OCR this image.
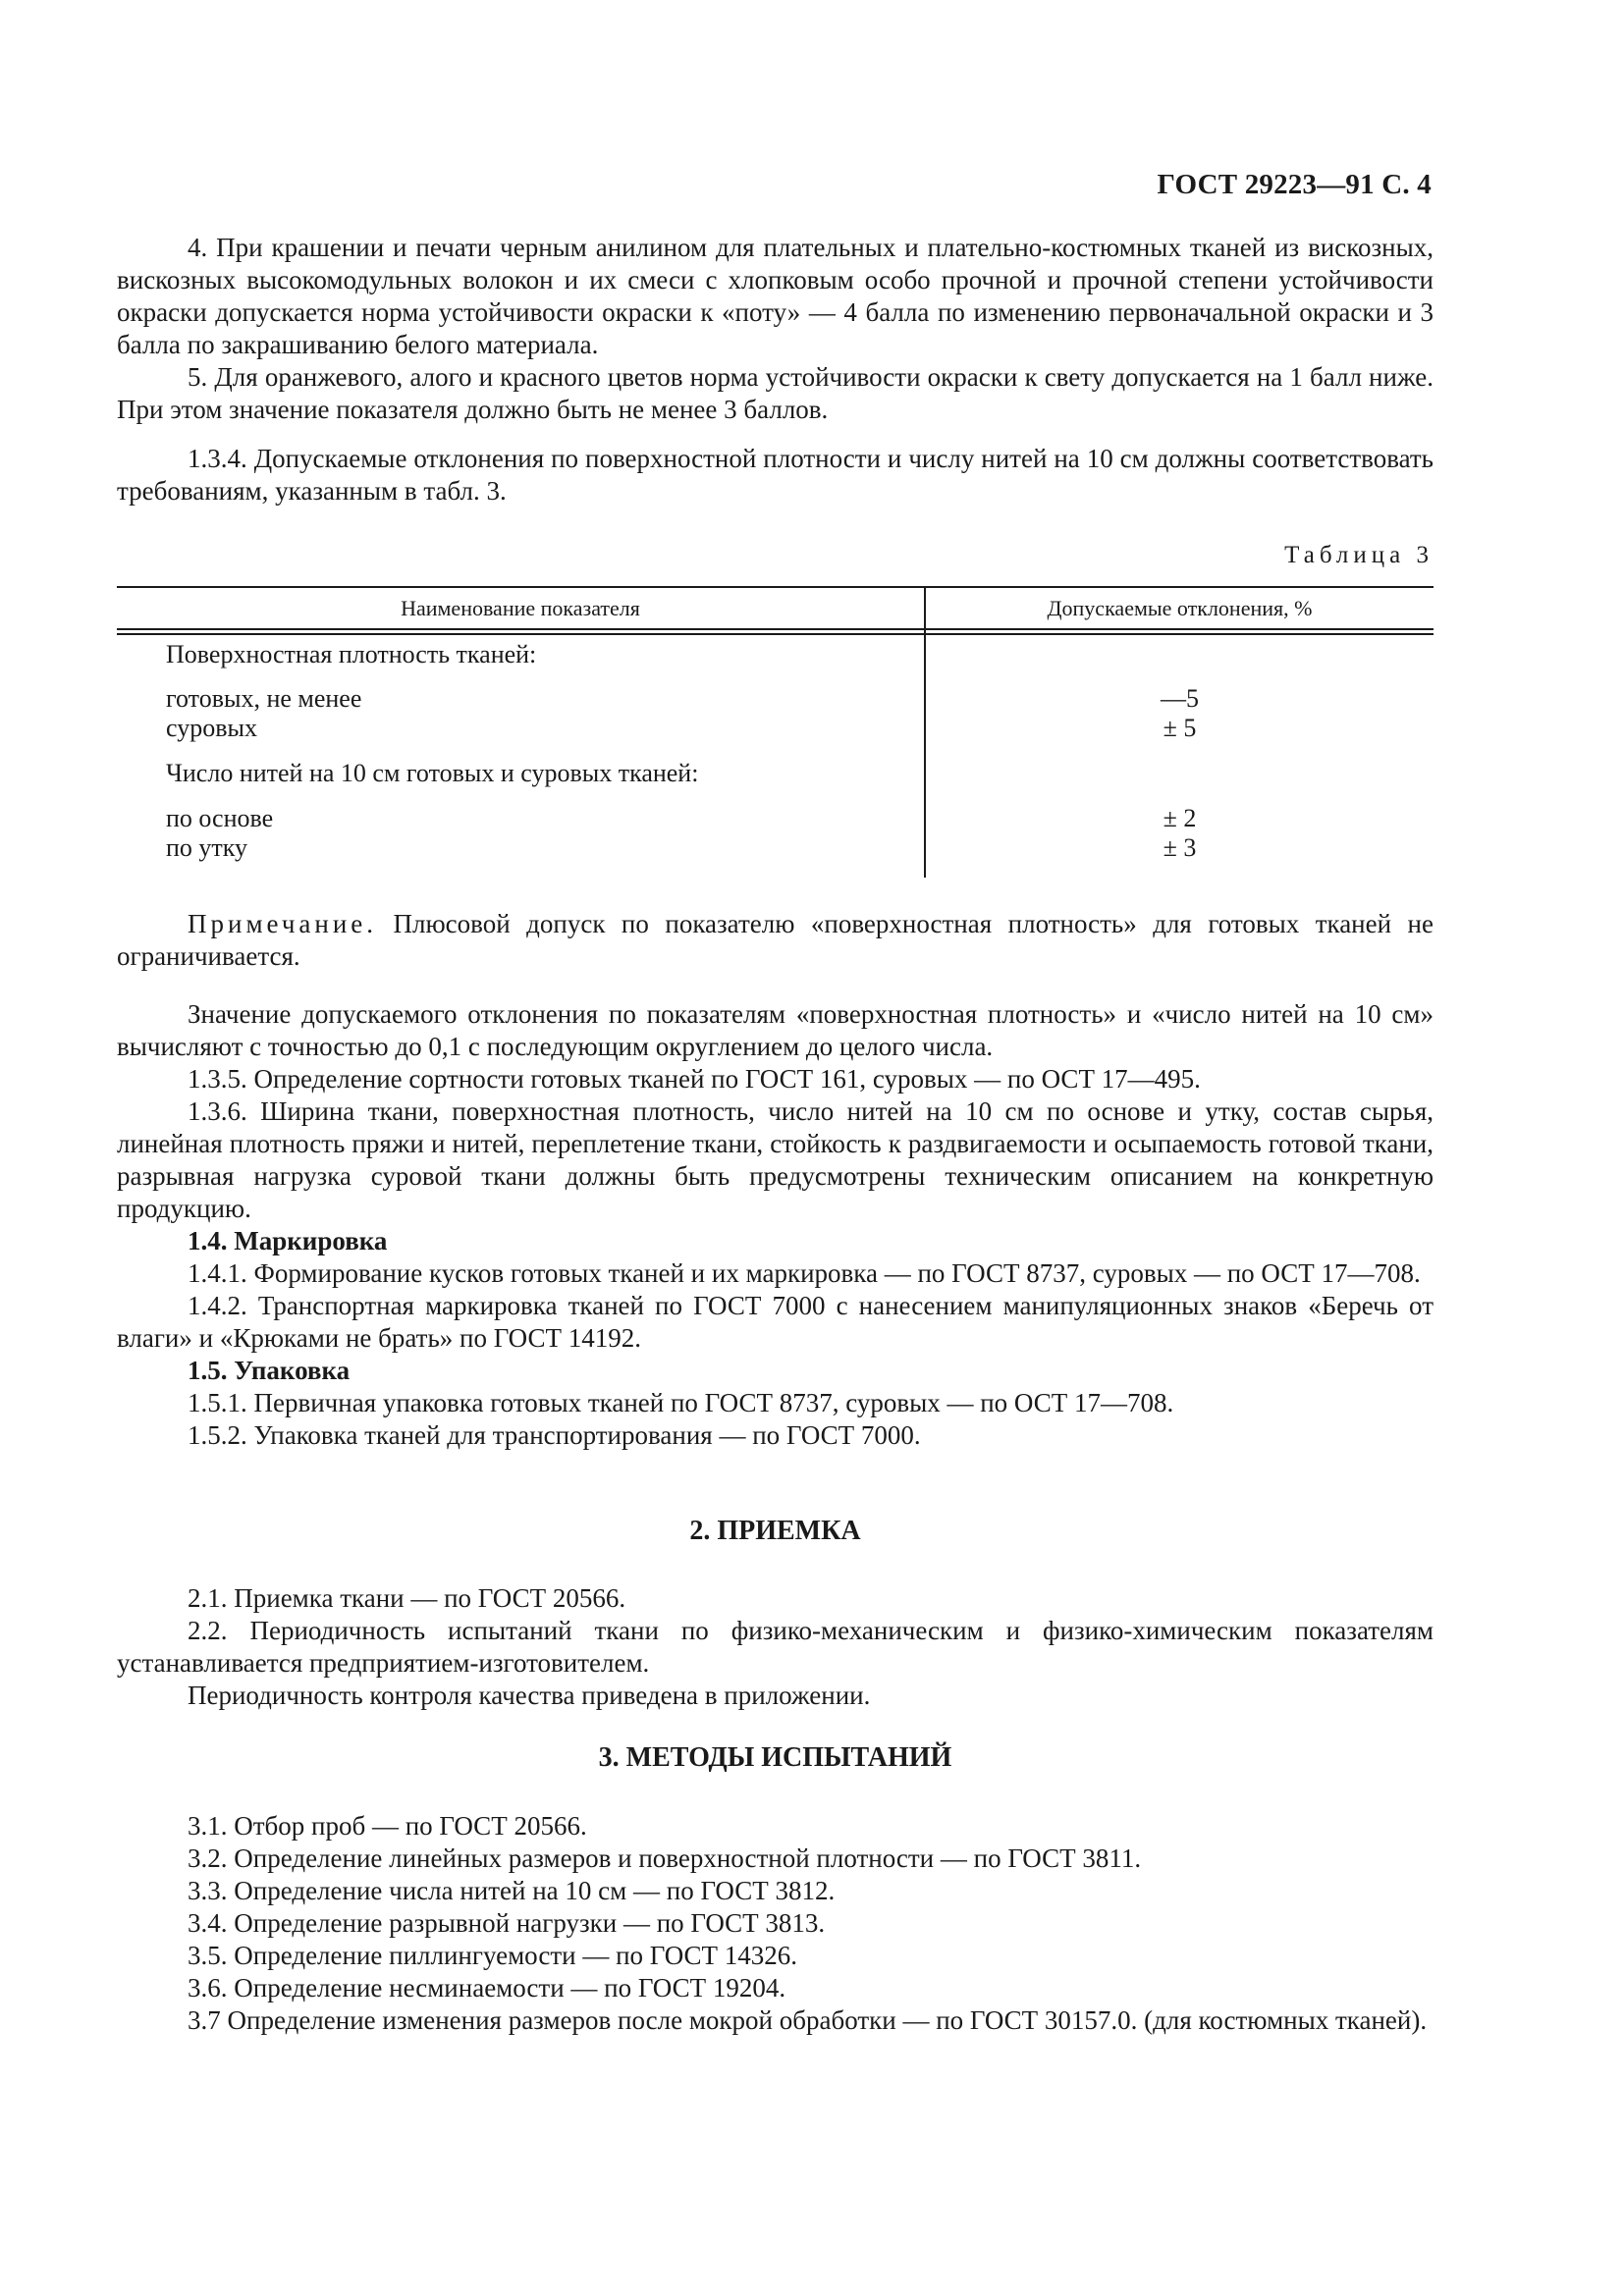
ГОСТ 29223—91 С. 4

4. При крашении и печати черным анилином для плательных и плательно-костюмных тканей из вискозных, вискозных высокомодульных волокон и их смеси с хлопковым особо прочной и прочной степени устойчивости окраски допускается норма устойчивости окраски к «поту» — 4 балла по изменению первоначальной окраски и 3 балла по закрашиванию белого материала.

5. Для оранжевого, алого и красного цветов норма устойчивости окраски к свету допускается на 1 балл ниже. При этом значение показателя должно быть не менее 3 баллов.

1.3.4. Допускаемые отклонения по поверхностной плотности и числу нитей на 10 см должны соответствовать требованиям, указанным в табл. 3.

Таблица 3
Наименование показателя	Допускаемые отклонения, %
Поверхностная плотность тканей:
готовых, не менее	—5
суровых	± 5
Число нитей на 10 см готовых и суровых тканей:
по основе	± 2
по утку	± 3

Примечание. Плюсовой допуск по показателю «поверхностная плотность» для готовых тканей не ограничивается.

Значение допускаемого отклонения по показателям «поверхностная плотность» и «число нитей на 10 см» вычисляют с точностью до 0,1 с последующим округлением до целого числа.

1.3.5. Определение сортности готовых тканей по ГОСТ 161, суровых — по ОСТ 17—495.

1.3.6. Ширина ткани, поверхностная плотность, число нитей на 10 см по основе и утку, состав сырья, линейная плотность пряжи и нитей, переплетение ткани, стойкость к раздвигаемости и осыпаемость готовой ткани, разрывная нагрузка суровой ткани должны быть предусмотрены техническим описанием на конкретную продукцию.

1.4. Маркировка

1.4.1. Формирование кусков готовых тканей и их маркировка — по ГОСТ 8737, суровых — по ОСТ 17—708.

1.4.2. Транспортная маркировка тканей по ГОСТ 7000 с нанесением манипуляционных знаков «Беречь от влаги» и «Крюками не брать» по ГОСТ 14192.

1.5. Упаковка

1.5.1. Первичная упаковка готовых тканей по ГОСТ 8737, суровых — по ОСТ 17—708.

1.5.2. Упаковка тканей для транспортирования — по ГОСТ 7000.

2. ПРИЕМКА

2.1. Приемка ткани — по ГОСТ 20566.

2.2. Периодичность испытаний ткани по физико-механическим и физико-химическим показателям устанавливается предприятием-изготовителем.

Периодичность контроля качества приведена в приложении.

3. МЕТОДЫ ИСПЫТАНИЙ

3.1. Отбор проб — по ГОСТ 20566.

3.2. Определение линейных размеров и поверхностной плотности — по ГОСТ 3811.

3.3. Определение числа нитей на 10 см — по ГОСТ 3812.

3.4. Определение разрывной нагрузки — по ГОСТ 3813.

3.5. Определение пиллингуемости — по ГОСТ 14326.

3.6. Определение несминаемости — по ГОСТ 19204.

3.7 Определение изменения размеров после мокрой обработки — по ГОСТ 30157.0. (для костюмных тканей).
